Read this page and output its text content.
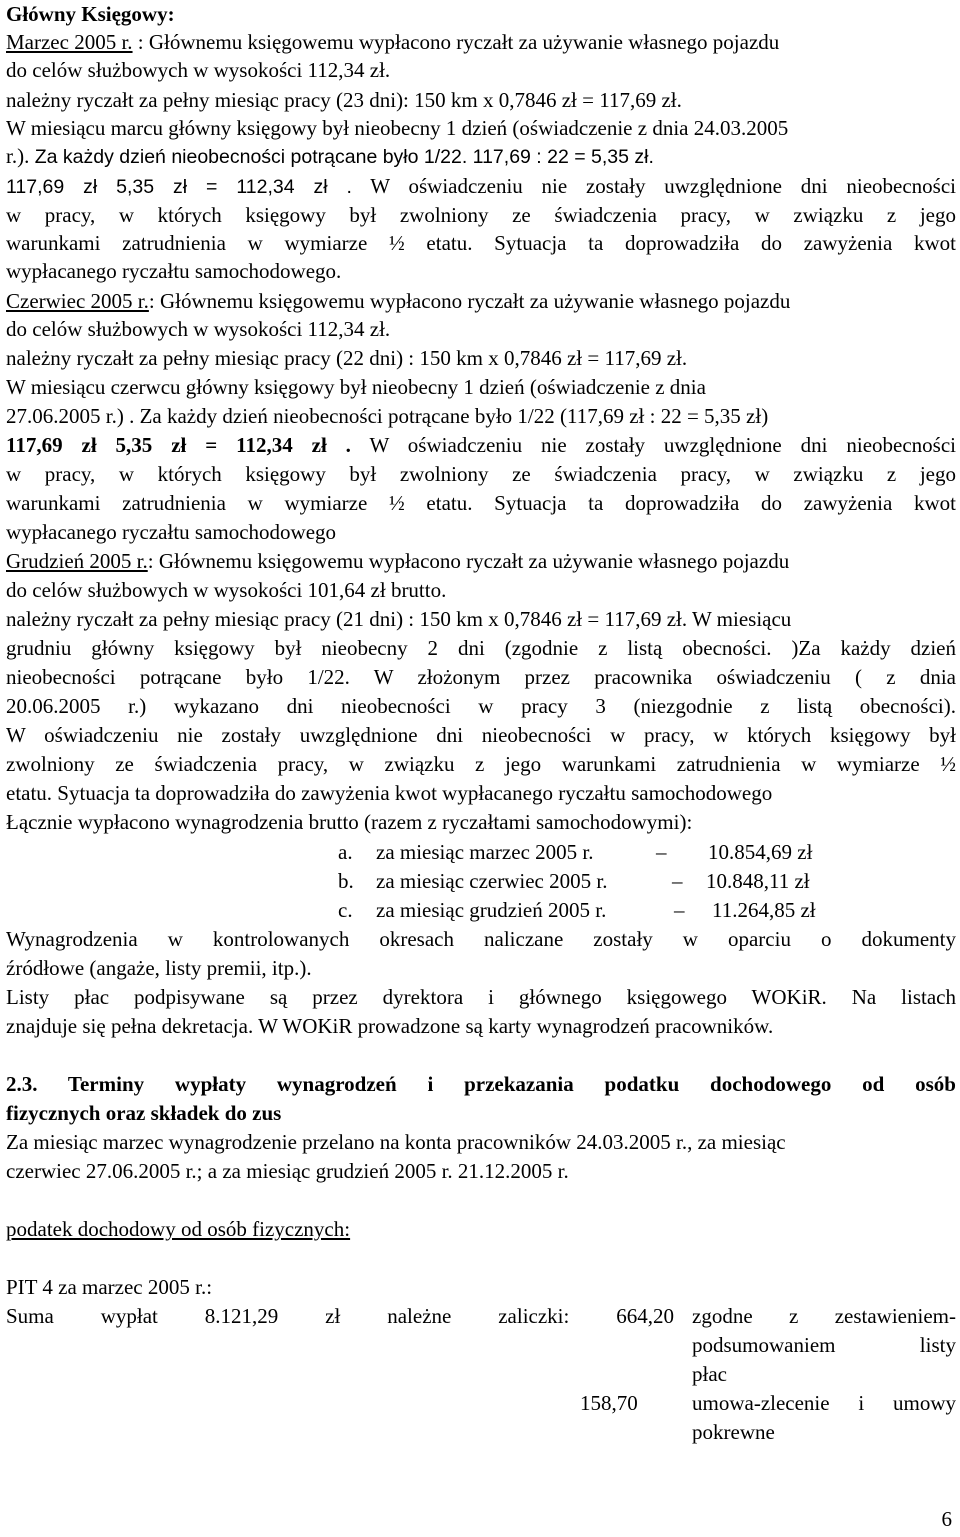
Główny Księgowy:
Marzec 2005 r. : Głównemu księgowemu wypłacono ryczałt za używanie własnego pojazdu
do celów służbowych w wysokości 112,34 zł.
należny ryczałt za pełny miesiąc pracy (23 dni): 150 km x 0,7846 zł = 117,69 zł.
W miesiącu marcu główny księgowy był nieobecny 1 dzień (oświadczenie z dnia 24.03.2005
r.). Za każdy dzień nieobecności potrącane było 1/22. 117,69 : 22 = 5,35 zł.
117,69 zł 5,35 zł = 112,34 zł . W oświadczeniu nie zostały uwzględnione dni nieobecności
w pracy, w których księgowy był zwolniony ze świadczenia pracy, w związku z jego
warunkami zatrudnienia w wymiarze ½ etatu. Sytuacja ta doprowadziła do zawyżenia kwot
wypłacanego ryczałtu samochodowego.
Czerwiec 2005 r.: Głównemu księgowemu wypłacono ryczałt za używanie własnego pojazdu
do celów służbowych w wysokości 112,34 zł.
należny ryczałt za pełny miesiąc pracy (22 dni) : 150 km x 0,7846 zł = 117,69 zł.
W miesiącu czerwcu główny księgowy był nieobecny 1 dzień (oświadczenie z dnia
27.06.2005 r.) . Za każdy dzień nieobecności potrącane było 1/22 (117,69 zł : 22 = 5,35 zł)
117,69 zł 5,35 zł = 112,34 zł . W oświadczeniu nie zostały uwzględnione dni nieobecności
w pracy, w których księgowy był zwolniony ze świadczenia pracy, w związku z jego
warunkami zatrudnienia w wymiarze ½ etatu. Sytuacja ta doprowadziła do zawyżenia kwot
wypłacanego ryczałtu samochodowego
Grudzień 2005 r.: Głównemu księgowemu wypłacono ryczałt za używanie własnego pojazdu
do celów służbowych w wysokości 101,64 zł brutto.
należny ryczałt za pełny miesiąc pracy (21 dni) : 150 km x 0,7846 zł = 117,69 zł. W miesiącu
grudniu główny księgowy był nieobecny 2 dni (zgodnie z listą obecności. )Za każdy dzień
nieobecności potrącane było 1/22. W złożonym przez pracownika oświadczeniu ( z dnia
20.06.2005 r.) wykazano dni nieobecności w pracy 3 (niezgodnie z listą obecności).
W oświadczeniu nie zostały uwzględnione dni nieobecności w pracy, w których księgowy był
zwolniony ze świadczenia pracy, w związku z jego warunkami zatrudnienia w wymiarze ½
etatu. Sytuacja ta doprowadziła do zawyżenia kwot wypłacanego ryczałtu samochodowego
Łącznie wypłacono wynagrodzenia brutto (razem z ryczałtami samochodowymi):
a. za miesiąc marzec 2005 r.	– 10.854,69 zł
b. za miesiąc czerwiec 2005 r.	– 10.848,11 zł
c. za miesiąc grudzień 2005 r.	– 11.264,85 zł
Wynagrodzenia w kontrolowanych okresach naliczane zostały w oparciu o dokumenty
źródłowe (angaże, listy premii, itp.).
Listy płac podpisywane są przez dyrektora i głównego księgowego WOKiR. Na listach
znajduje się pełna dekretacja. W WOKiR prowadzone są karty wynagrodzeń pracowników.
2.3. Terminy wypłaty wynagrodzeń i przekazania podatku dochodowego od osób
fizycznych oraz składek do zus
Za miesiąc marzec wynagrodzenie przelano na konta pracowników 24.03.2005 r., za miesiąc
czerwiec 27.06.2005 r.; a za miesiąc grudzień 2005 r. 21.12.2005 r.
podatek dochodowy od osób fizycznych:
PIT 4 za marzec 2005 r.:
Suma wypłat 8.121,29 zł należne zaliczki: 664,20 zgodne z zestawieniem-
podsumowaniem listy
płac
158,70	umowa-zlecenie i umowy
pokrewne
6
